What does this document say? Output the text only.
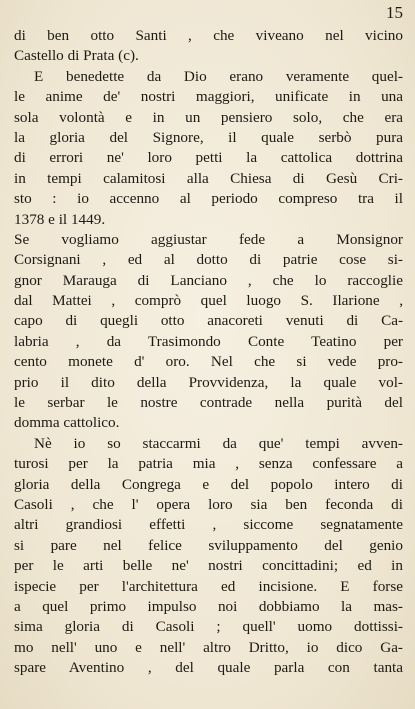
15
di ben otto Santi , che viveano nel vicino
Castello di Prata (c).
E benedette da Dio erano veramente quel-
le anime de' nostri maggiori, unificate in una
sola volontà e in un pensiero solo, che era
la gloria del Signore, il quale serbò pura
di errori ne' loro petti la cattolica dottrina
in tempi calamitosi alla Chiesa di Gesù Cri-
sto : io accenno al periodo compreso tra il
1378 e il 1449.
Se vogliamo aggiustar fede a Monsignor
Corsignani , ed al dotto di patrie cose si-
gnor Marauga di Lanciano , che lo raccoglie
dal Mattei , comprò quel luogo S. Ilarione ,
capo di quegli otto anacoreti venuti di Ca-
labria , da Trasimondo Conte Teatino per
cento monete d' oro. Nel che si vede pro-
prio il dito della Provvidenza, la quale vol-
le serbar le nostre contrade nella purità del
domma cattolico.
Nè io so staccarmi da que' tempi avven-
turosi per la patria mia , senza confessare a
gloria della Congrega e del popolo intero di
Casoli , che l' opera loro sia ben feconda di
altri grandiosi effetti , siccome segnatamente
si pare nel felice sviluppamento del genio
per le arti belle ne' nostri concittadini; ed in
ispecie per l'architettura ed incisione. E forse
a quel primo impulso noi dobbiamo la mas-
sima gloria di Casoli ; quell' uomo dottissi-
mo nell' uno e nell' altro Dritto, io dico Ga-
spare Aventino , del quale parla con tanta
